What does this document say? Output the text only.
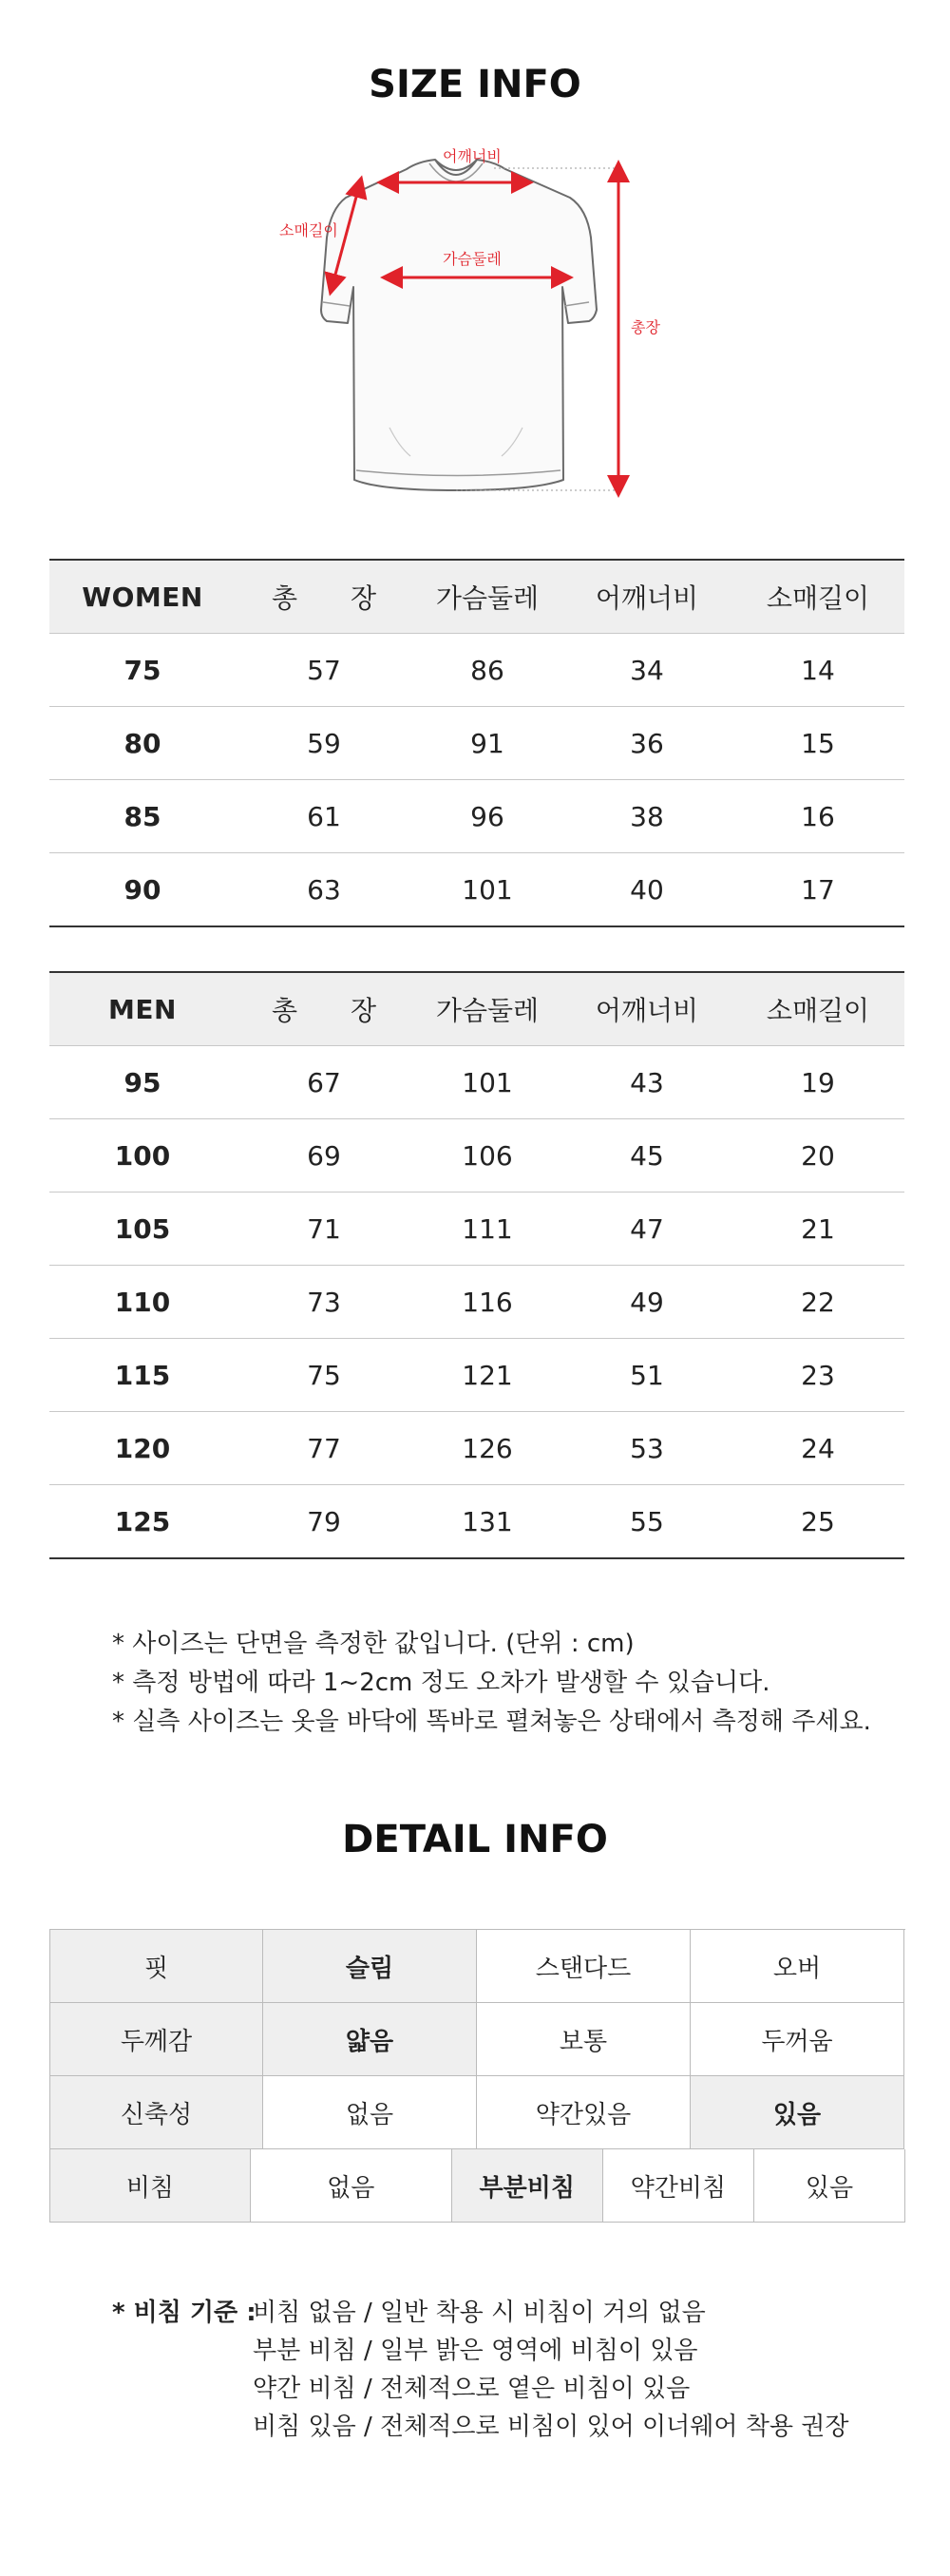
SIZE INFO
어깨너비
소매길이
가슴둘레
총장
WOMEN	총　　장	가슴둘레	어깨너비	소매길이
75	57	86	34	14
80	59	91	36	15
85	61	96	38	16
90	63	101	40	17
MEN	총　　장	가슴둘레	어깨너비	소매길이
95	67	101	43	19
100	69	106	45	20
105	71	111	47	21
110	73	116	49	22
115	75	121	51	23
120	77	126	53	24
125	79	131	55	25
* 사이즈는 단면을 측정한 값입니다. (단위 : cm)
* 측정 방법에 따라 1~2cm 정도 오차가 발생할 수 있습니다.
* 실측 사이즈는 옷을 바닥에 똑바로 펼쳐놓은 상태에서 측정해 주세요.
DETAIL INFO
핏	슬림	스탠다드	오버
두께감	얇음	보통	두꺼움
신축성	없음	약간있음	있음
비침	없음	부분비침	약간비침	있음
* 비침 기준 :
비침 없음 / 일반 착용 시 비침이 거의 없음
부분 비침 / 일부 밝은 영역에 비침이 있음
약간 비침 / 전체적으로 옅은 비침이 있음
비침 있음 / 전체적으로 비침이 있어 이너웨어 착용 권장
